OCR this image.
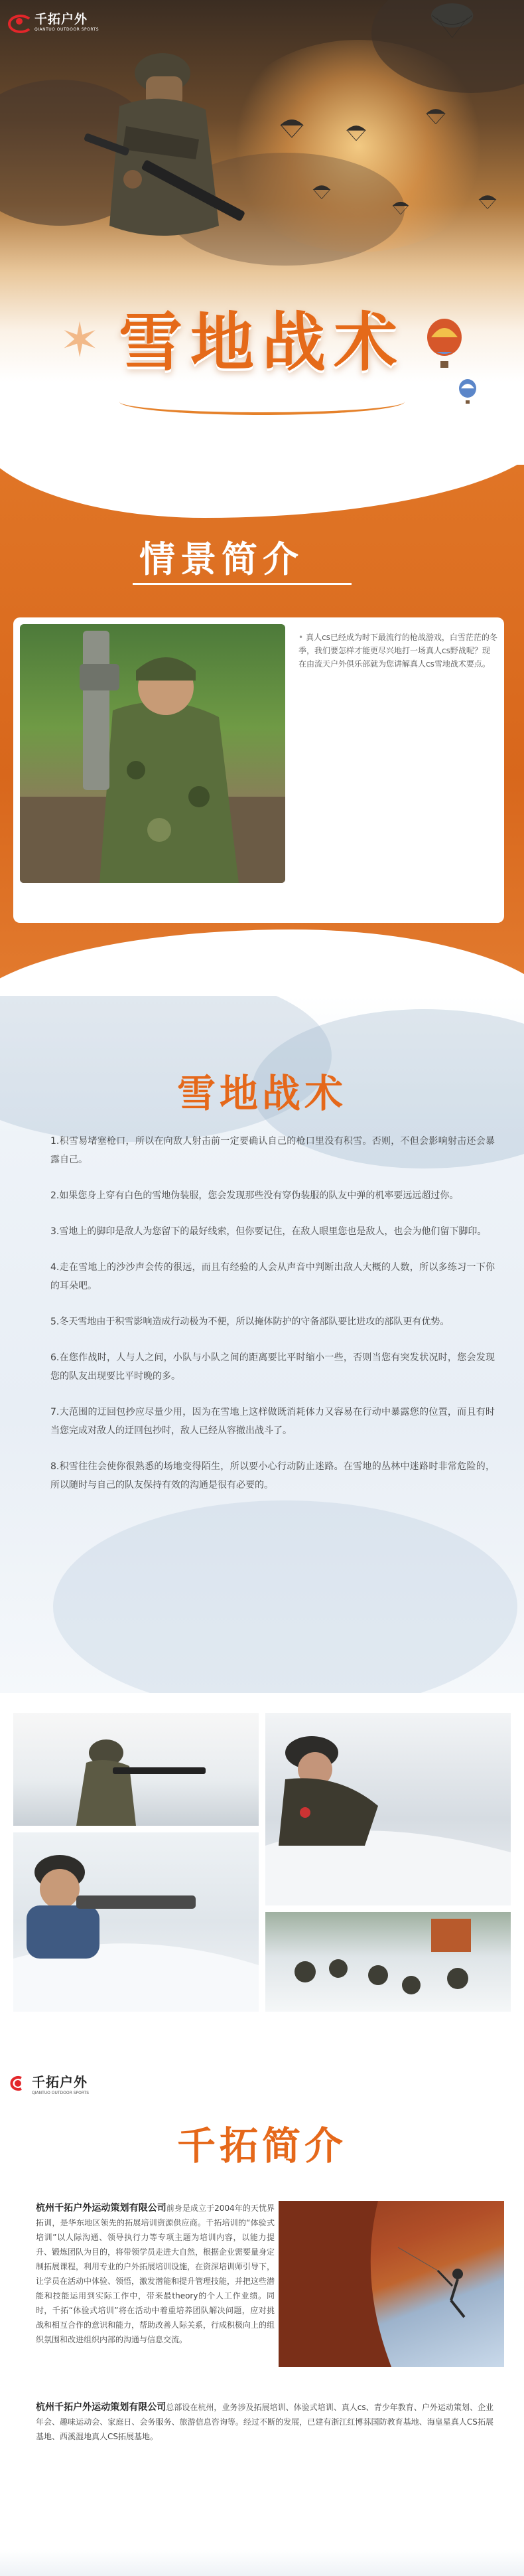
千拓户外
QIANTUO OUTDOOR SPORTS
✶ 雪地战术
情景简介

• 真人cs已经成为时下最流行的枪战游戏，白雪茫茫的冬季，我们要怎样才能更尽兴地打一场真人cs野战呢？现在由流天户外俱乐部就为您讲解真人cs雪地战术要点。

雪地战术

1.积雪易堵塞枪口，所以在向敌人射击前一定要确认自己的枪口里没有积雪。否则，不但会影响射击还会暴露自己。

2.如果您身上穿有白色的雪地伪装服，您会发现那些没有穿伪装服的队友中弹的机率要远远超过你。

3.雪地上的脚印是敌人为您留下的最好线索，但你要记住，在敌人眼里您也是敌人，也会为他们留下脚印。

4.走在雪地上的沙沙声会传的很远，而且有经验的人会从声音中判断出敌人大概的人数，所以多练习一下你的耳朵吧。

5.冬天雪地由于积雪影响造成行动极为不便，所以掩体防护的守备部队要比进攻的部队更有优势。

6.在您作战时，人与人之间，小队与小队之间的距离要比平时缩小一些，否则当您有突发状况时，您会发现您的队友出现要比平时晚的多。

7.大范围的迂回包抄应尽量少用，因为在雪地上这样做既消耗体力又容易在行动中暴露您的位置，而且有时当您完成对敌人的迂回包抄时，敌人已经从容撤出战斗了。

8.积雪往往会使你很熟悉的场地变得陌生，所以要小心行动防止迷路。在雪地的丛林中迷路时非常危险的，所以随时与自己的队友保持有效的沟通是很有必要的。

千拓户外
QIANTUO OUTDOOR SPORTS
千拓简介

杭州千拓户外运动策划有限公司前身是成立于2004年的天忧界拓训，是华东地区领先的拓展培训资源供应商。千拓培训的“体验式培训”以人际沟通、领导执行力等专项主题为培训内容，以能力提升、锻炼团队为目的，将带领学员走进大自然，根据企业需要量身定制拓展课程，利用专业的户外拓展培训设施，在资深培训师引导下，让学员在活动中体验、领悟，激发潜能和提升管理技能，并把这些潜能和技能运用到实际工作中，带来最theory的个人工作业绩。同时，千拓“体验式培训”将在活动中着重培养团队解决问题，应对挑战和相互合作的意识和能力，帮助改善人际关系，行成积极向上的组织氛围和改进组织内部的沟通与信息交流。

杭州千拓户外运动策划有限公司总部设在杭州，业务涉及拓展培训、体验式培训、真人cs、青少年教育、户外运动策划、企业年会、趣味运动会、家庭日、会务服务、旅游信息咨询等。经过不断的发展，已建有浙江红博荪国防教育基地、海皇星真人CS拓展基地、西溪湿地真人CS拓展基地。
